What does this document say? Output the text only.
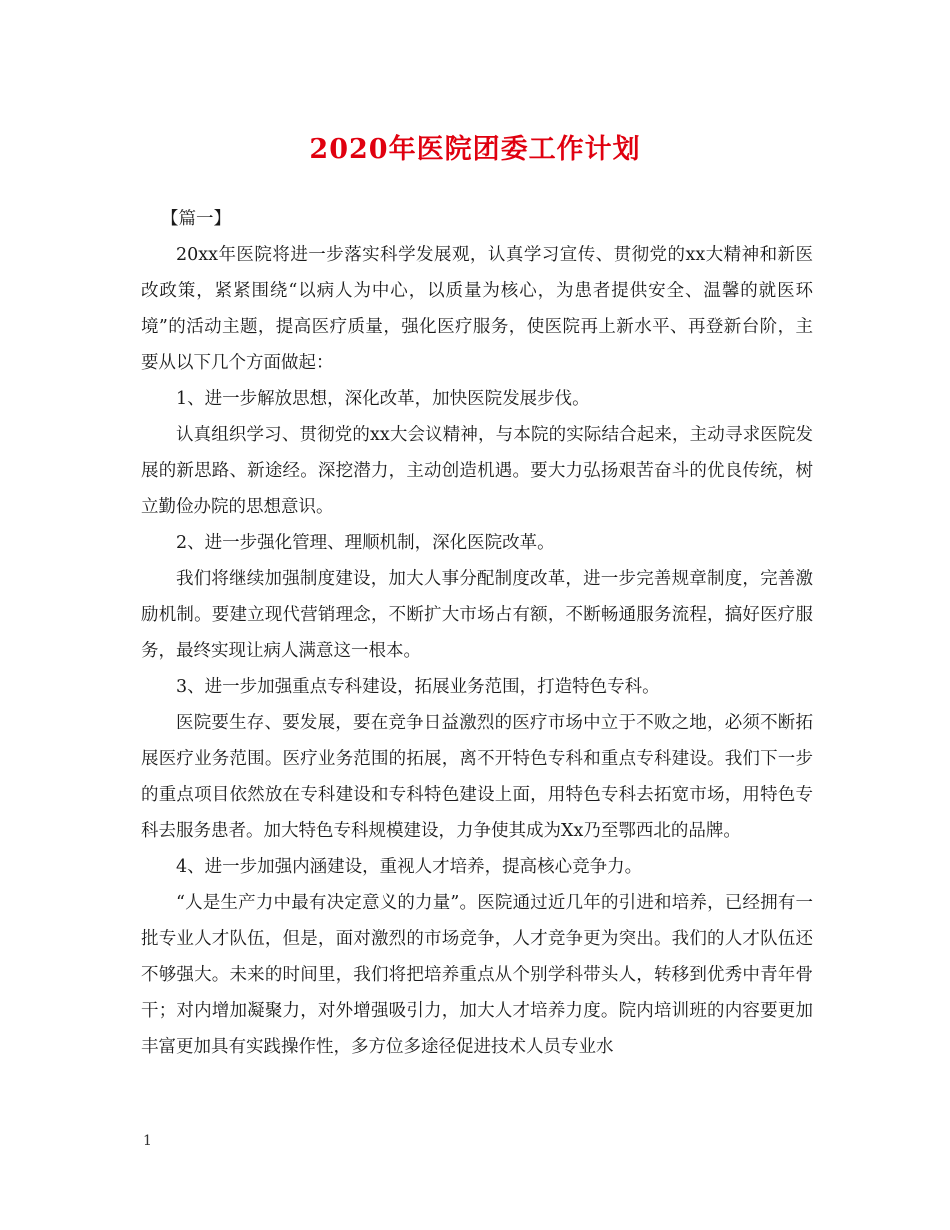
2020年医院团委工作计划

【篇一】

20xx年医院将进一步落实科学发展观，认真学习宣传、贯彻党的xx大精神和新医改政策，紧紧围绕“以病人为中心，以质量为核心，为患者提供安全、温馨的就医环境”的活动主题，提高医疗质量，强化医疗服务，使医院再上新水平、再登新台阶，主要从以下几个方面做起：

1、进一步解放思想，深化改革，加快医院发展步伐。

认真组织学习、贯彻党的xx大会议精神，与本院的实际结合起来，主动寻求医院发展的新思路、新途经。深挖潜力，主动创造机遇。要大力弘扬艰苦奋斗的优良传统，树立勤俭办院的思想意识。

2、进一步强化管理、理顺机制，深化医院改革。

我们将继续加强制度建设，加大人事分配制度改革，进一步完善规章制度，完善激励机制。要建立现代营销理念，不断扩大市场占有额，不断畅通服务流程，搞好医疗服务，最终实现让病人满意这一根本。

3、进一步加强重点专科建设，拓展业务范围，打造特色专科。

医院要生存、要发展，要在竞争日益激烈的医疗市场中立于不败之地，必须不断拓展医疗业务范围。医疗业务范围的拓展，离不开特色专科和重点专科建设。我们下一步的重点项目依然放在专科建设和专科特色建设上面，用特色专科去拓宽市场，用特色专科去服务患者。加大特色专科规模建设，力争使其成为Xx乃至鄂西北的品牌。

4、进一步加强内涵建设，重视人才培养，提高核心竞争力。

“人是生产力中最有决定意义的力量”。医院通过近几年的引进和培养，已经拥有一批专业人才队伍，但是，面对激烈的市场竞争，人才竞争更为突出。我们的人才队伍还不够强大。未来的时间里，我们将把培养重点从个别学科带头人，转移到优秀中青年骨干；对内增加凝聚力，对外增强吸引力，加大人才培养力度。院内培训班的内容要更加丰富更加具有实践操作性，多方位多途径促进技术人员专业水

1
